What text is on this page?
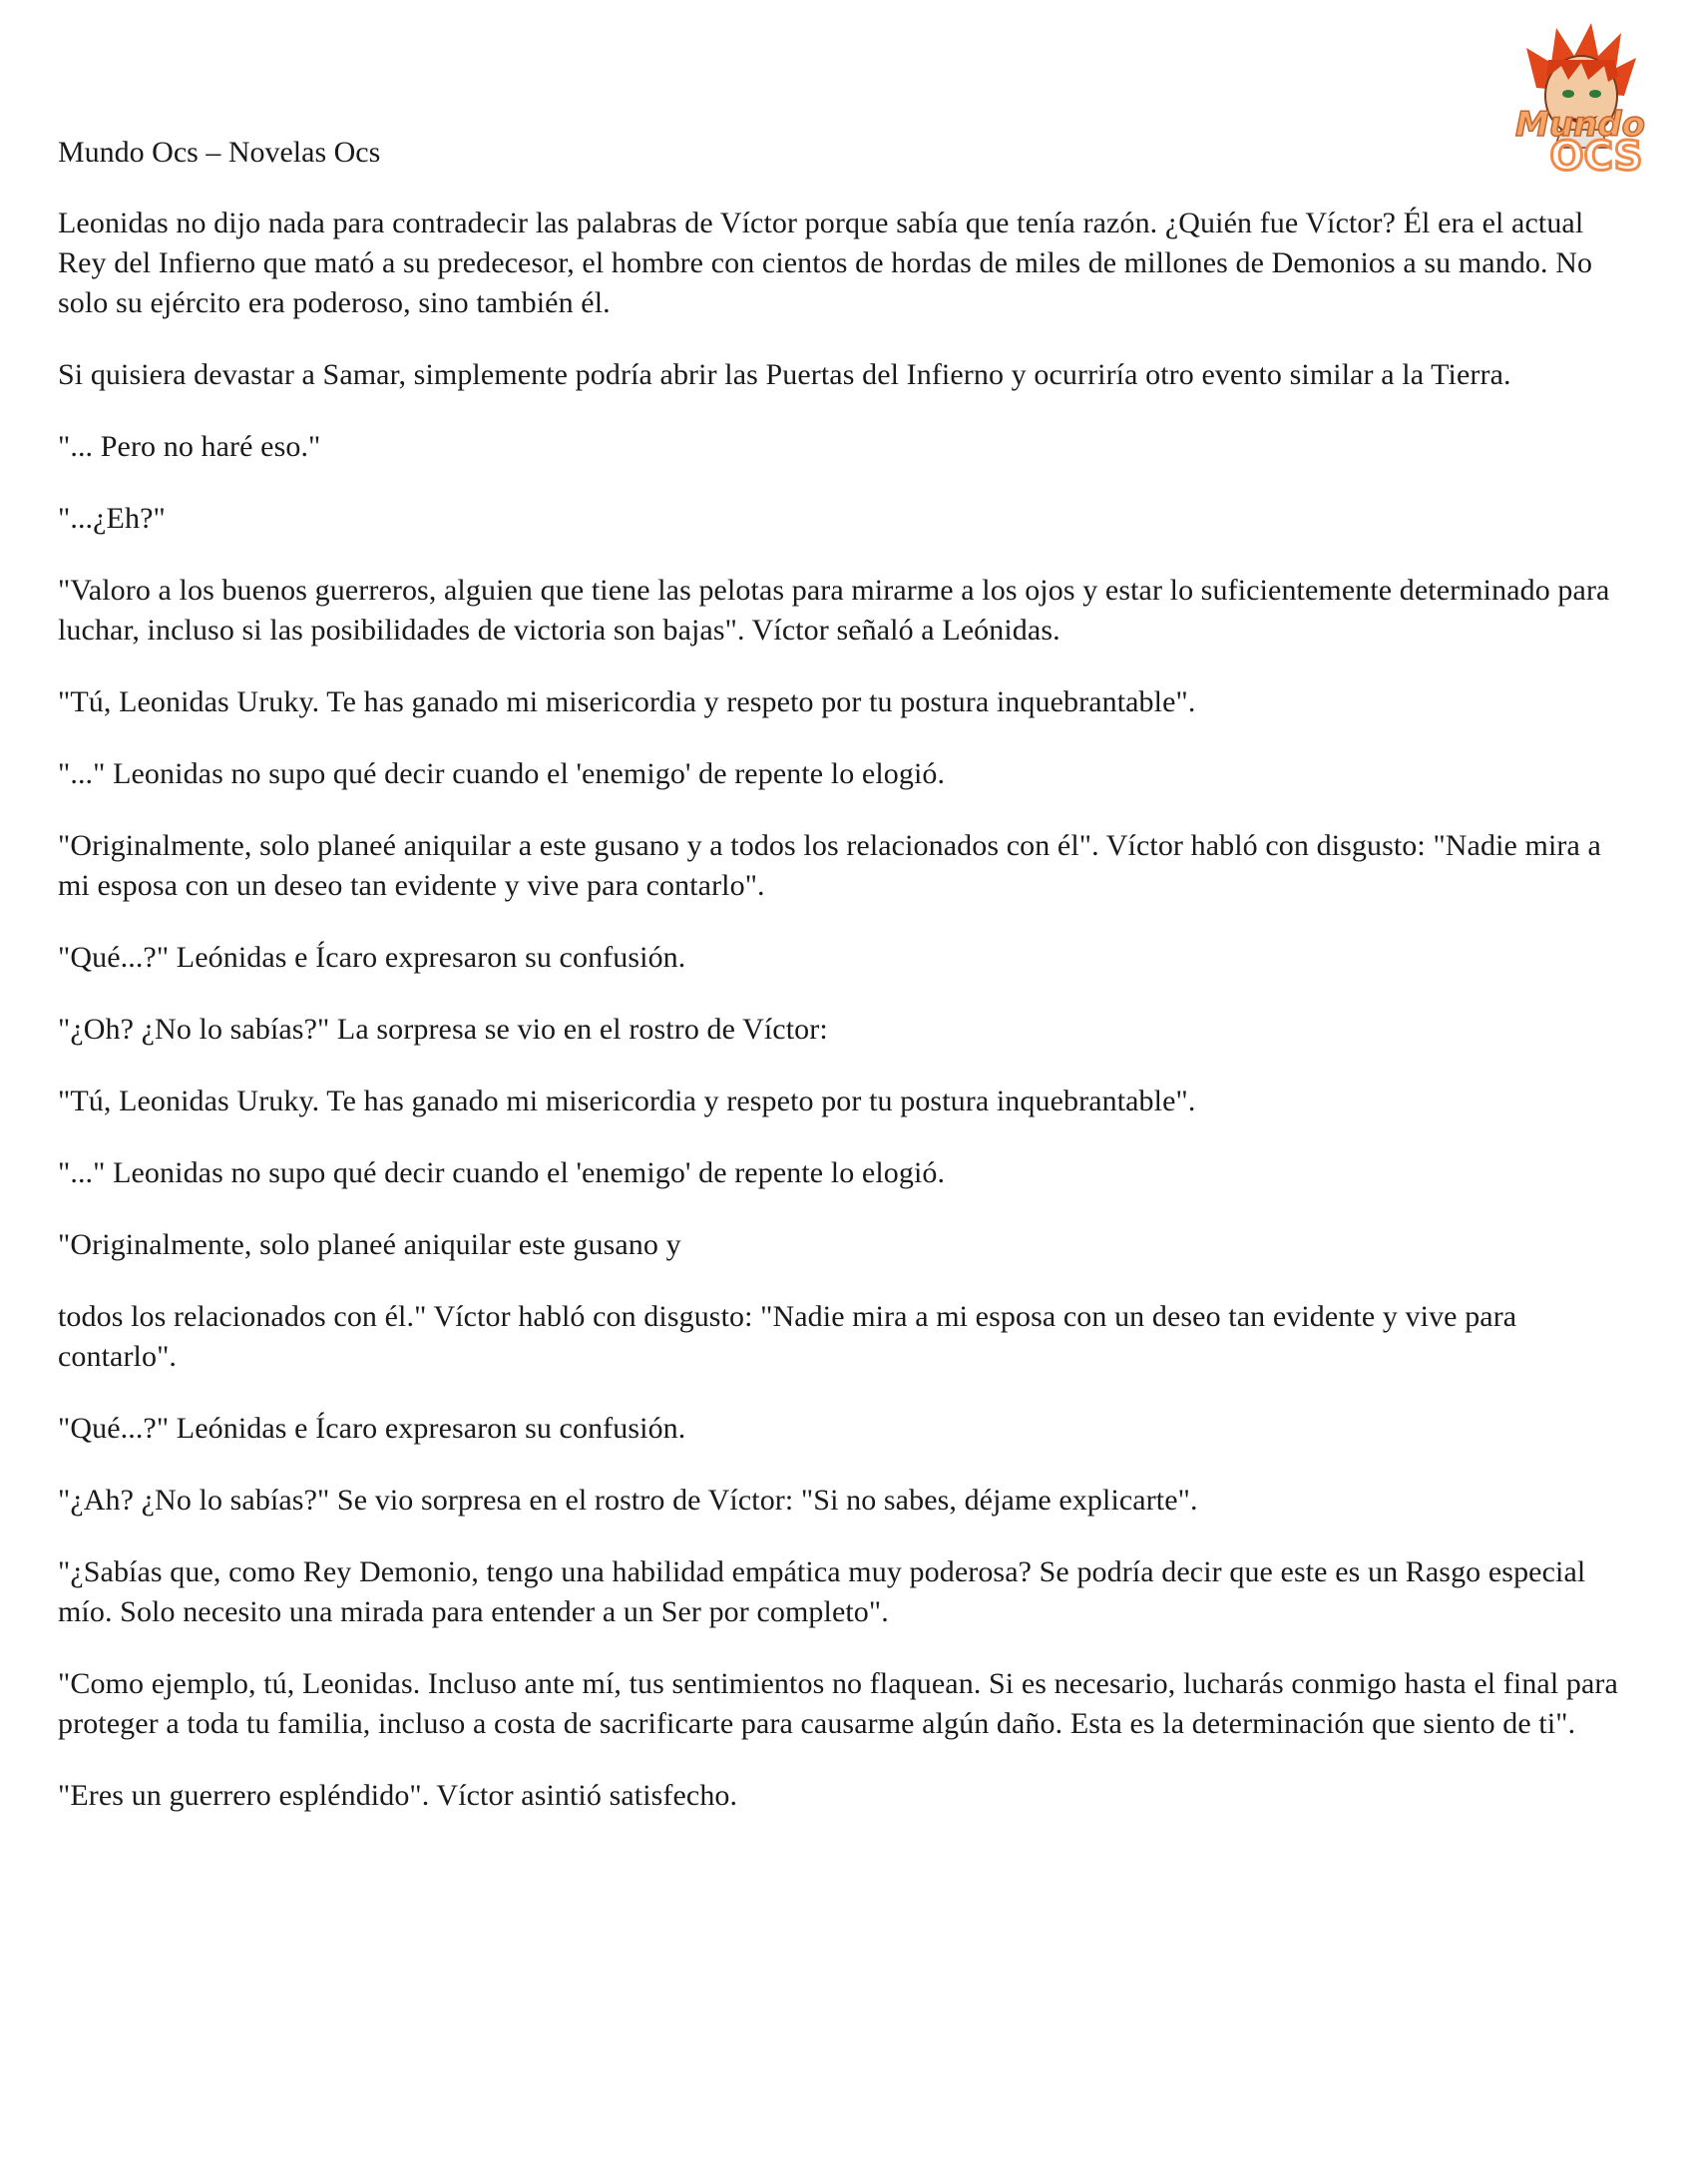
Mundo Ocs – Novelas Ocs
Mundo
OCS

Leonidas no dijo nada para contradecir las palabras de Víctor porque sabía que tenía razón. ¿Quién fue Víctor? Él era el actual Rey del Infierno que mató a su predecesor, el hombre con cientos de hordas de miles de millones de Demonios a su mando. No solo su ejército era poderoso, sino también él.

Si quisiera devastar a Samar, simplemente podría abrir las Puertas del Infierno y ocurriría otro evento similar a la Tierra.

"... Pero no haré eso."

"...¿Eh?"

"Valoro a los buenos guerreros, alguien que tiene las pelotas para mirarme a los ojos y estar lo suficientemente determinado para luchar, incluso si las posibilidades de victoria son bajas". Víctor señaló a Leónidas.

"Tú, Leonidas Uruky. Te has ganado mi misericordia y respeto por tu postura inquebrantable".

"..." Leonidas no supo qué decir cuando el 'enemigo' de repente lo elogió.

"Originalmente, solo planeé aniquilar a este gusano y a todos los relacionados con él". Víctor habló con disgusto: "Nadie mira a mi esposa con un deseo tan evidente y vive para contarlo".

"Qué...?" Leónidas e Ícaro expresaron su confusión.

"¿Oh? ¿No lo sabías?" La sorpresa se vio en el rostro de Víctor:

"Tú, Leonidas Uruky. Te has ganado mi misericordia y respeto por tu postura inquebrantable".

"..." Leonidas no supo qué decir cuando el 'enemigo' de repente lo elogió.

"Originalmente, solo planeé aniquilar este gusano y

todos los relacionados con él." Víctor habló con disgusto: "Nadie mira a mi esposa con un deseo tan evidente y vive para contarlo".

"Qué...?" Leónidas e Ícaro expresaron su confusión.

"¿Ah? ¿No lo sabías?" Se vio sorpresa en el rostro de Víctor: "Si no sabes, déjame explicarte".

"¿Sabías que, como Rey Demonio, tengo una habilidad empática muy poderosa? Se podría decir que este es un Rasgo especial mío. Solo necesito una mirada para entender a un Ser por completo".

"Como ejemplo, tú, Leonidas. Incluso ante mí, tus sentimientos no flaquean. Si es necesario, lucharás conmigo hasta el final para proteger a toda tu familia, incluso a costa de sacrificarte para causarme algún daño. Esta es la determinación que siento de ti".

"Eres un guerrero espléndido". Víctor asintió satisfecho.
